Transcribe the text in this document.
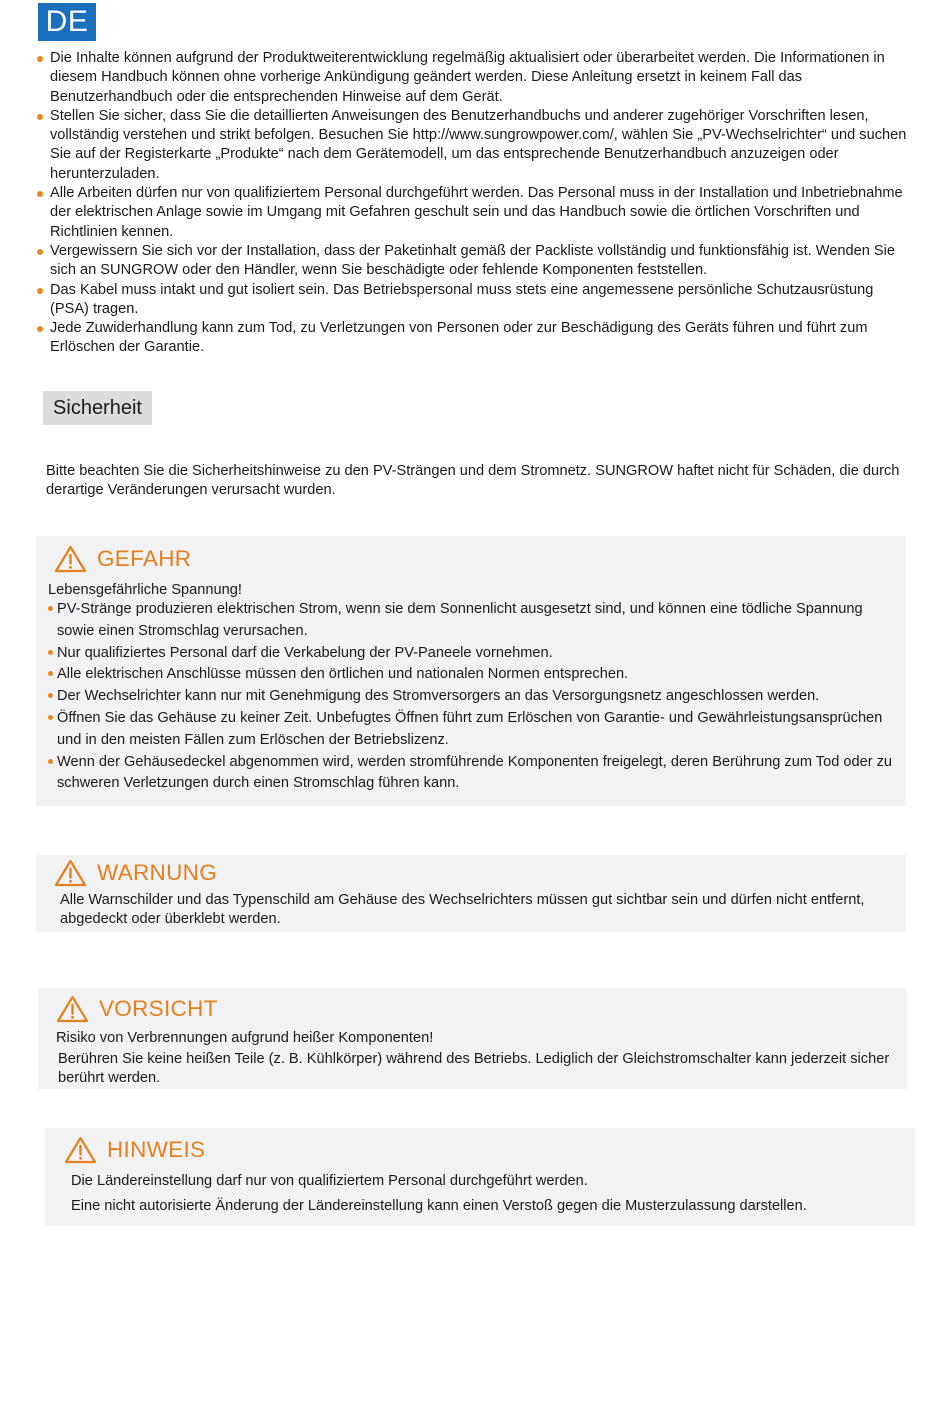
DE
Die Inhalte können aufgrund der Produktweiterentwicklung regelmäßig aktualisiert oder überarbeitet werden. Die Informationen in diesem Handbuch können ohne vorherige Ankündigung geändert werden. Diese Anleitung ersetzt in keinem Fall das Benutzerhandbuch oder die entsprechenden Hinweise auf dem Gerät.
Stellen Sie sicher, dass Sie die detaillierten Anweisungen des Benutzerhandbuchs und anderer zugehöriger Vorschriften lesen, vollständig verstehen und strikt befolgen. Besuchen Sie http://www.sungrowpower.com/, wählen Sie „PV-Wechselrichter“ und suchen Sie auf der Registerkarte „Produkte“ nach dem Gerätemodell, um das entsprechende Benutzerhandbuch anzuzeigen oder herunterzuladen.
Alle Arbeiten dürfen nur von qualifiziertem Personal durchgeführt werden. Das Personal muss in der Installation und Inbetriebnahme der elektrischen Anlage sowie im Umgang mit Gefahren geschult sein und das Handbuch sowie die örtlichen Vorschriften und Richtlinien kennen.
Vergewissern Sie sich vor der Installation, dass der Paketinhalt gemäß der Packliste vollständig und funktionsfähig ist. Wenden Sie sich an SUNGROW oder den Händler, wenn Sie beschädigte oder fehlende Komponenten feststellen.
Das Kabel muss intakt und gut isoliert sein. Das Betriebspersonal muss stets eine angemessene persönliche Schutzausrüstung (PSA) tragen.
Jede Zuwiderhandlung kann zum Tod, zu Verletzungen von Personen oder zur Beschädigung des Geräts führen und führt zum Erlöschen der Garantie.
Sicherheit

Bitte beachten Sie die Sicherheitshinweise zu den PV-Strängen und dem Stromnetz. SUNGROW haftet nicht für Schäden, die durch derartige Veränderungen verursacht wurden.

GEFAHR

Lebensgefährliche Spannung!

PV-Stränge produzieren elektrischen Strom, wenn sie dem Sonnenlicht ausgesetzt sind, und können eine tödliche Spannung sowie einen Stromschlag verursachen.
Nur qualifiziertes Personal darf die Verkabelung der PV-Paneele vornehmen.
Alle elektrischen Anschlüsse müssen den örtlichen und nationalen Normen entsprechen.
Der Wechselrichter kann nur mit Genehmigung des Stromversorgers an das Versorgungsnetz angeschlossen werden.
Öffnen Sie das Gehäuse zu keiner Zeit. Unbefugtes Öffnen führt zum Erlöschen von Garantie- und Gewährleistungsansprüchen und in den meisten Fällen zum Erlöschen der Betriebslizenz.
Wenn der Gehäusedeckel abgenommen wird, werden stromführende Komponenten freigelegt, deren Berührung zum Tod oder zu schweren Verletzungen durch einen Stromschlag führen kann.
WARNUNG

Alle Warnschilder und das Typenschild am Gehäuse des Wechselrichters müssen gut sichtbar sein und dürfen nicht entfernt, abgedeckt oder überklebt werden.

VORSICHT

Risiko von Verbrennungen aufgrund heißer Komponenten!

Berühren Sie keine heißen Teile (z. B. Kühlkörper) während des Betriebs. Lediglich der Gleichstromschalter kann jederzeit sicher berührt werden.

HINWEIS

Die Ländereinstellung darf nur von qualifiziertem Personal durchgeführt werden.

Eine nicht autorisierte Änderung der Ländereinstellung kann einen Verstoß gegen die Musterzulassung darstellen.
